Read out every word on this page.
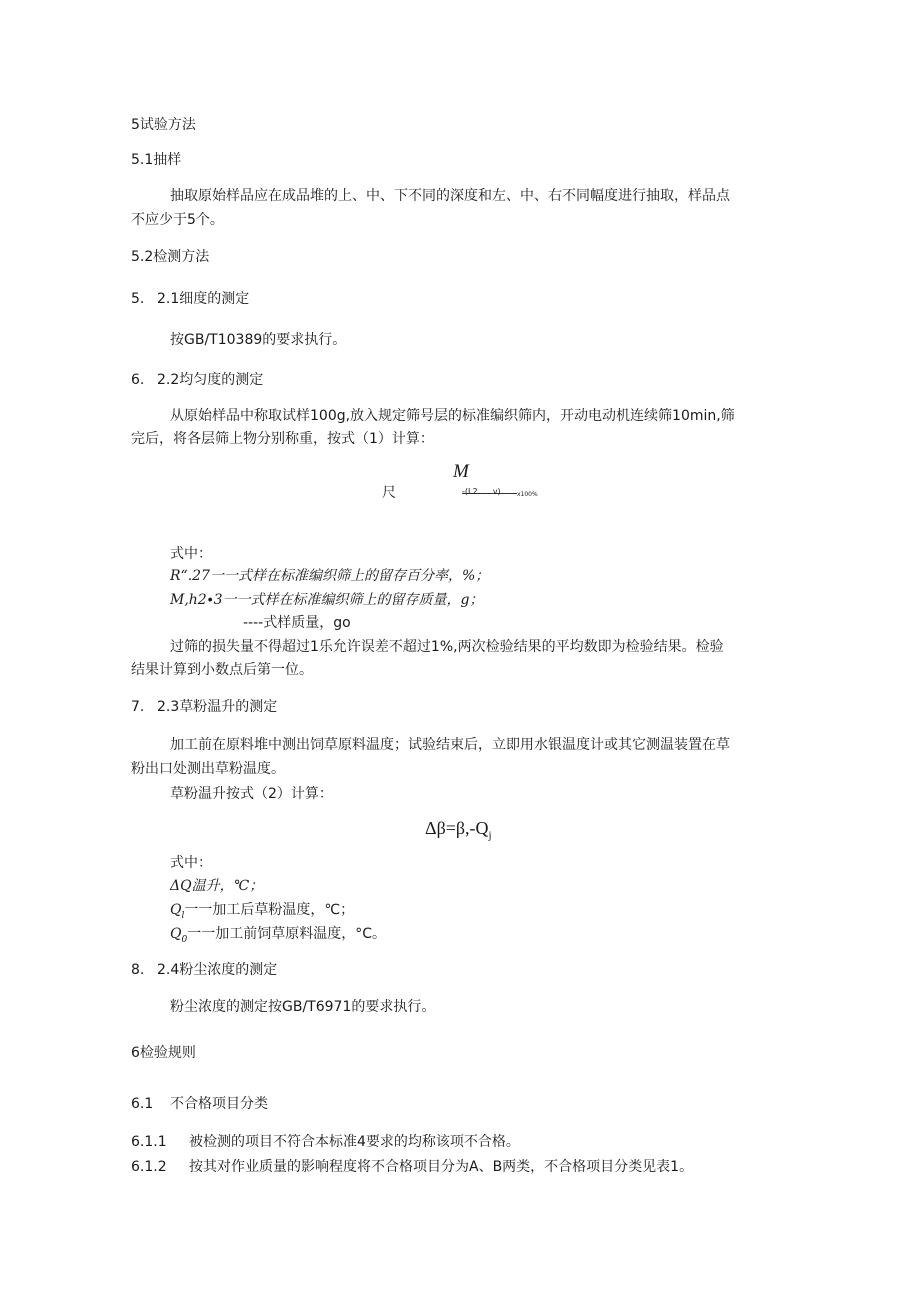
5试验方法
5.1抽样
抽取原始样品应在成品堆的上、中、下不同的深度和左、中、右不同幅度进行抽取，样品点
不应少于5个。
5.2检测方法
5. 2.1细度的测定
按GB/T10389的要求执行。
6. 2.2均匀度的测定
从原始样品中称取试样100g,放入规定筛号层的标准编织筛内，开动电动机连续筛10min,筛
完后，将各层筛上物分别称重，按式（1）计算：
M
尺	-(L2. . . v)	x100%
式中：
R“.27一一式样在标准编织筛上的留存百分率，%；
M,h2∙3一一式样在标准编织筛上的留存质量，g；
----式样质量，go
过筛的损失量不得超过1乐允许误差不超过1%,两次检验结果的平均数即为检验结果。检验
结果计算到小数点后第一位。
7. 2.3草粉温升的测定
加工前在原料堆中测出饲草原料温度；试验结束后，立即用水银温度计或其它测温装置在草
粉出口处测出草粉温度。
草粉温升按式（2）计算：
$\Delta\beta=\beta,-Q_j$
式中：
ΔQ温升，℃；
$Q_l$一一加工后草粉温度，℃；
$Q_0$一一加工前饲草原料温度，°C。
8. 2.4粉尘浓度的测定
粉尘浓度的测定按GB/T6971的要求执行。
6检验规则
6.1 不合格项目分类
6.1.1 被检测的项目不符合本标准4要求的均称该项不合格。
6.1.2 按其对作业质量的影响程度将不合格项目分为A、B两类，不合格项目分类见表1。
